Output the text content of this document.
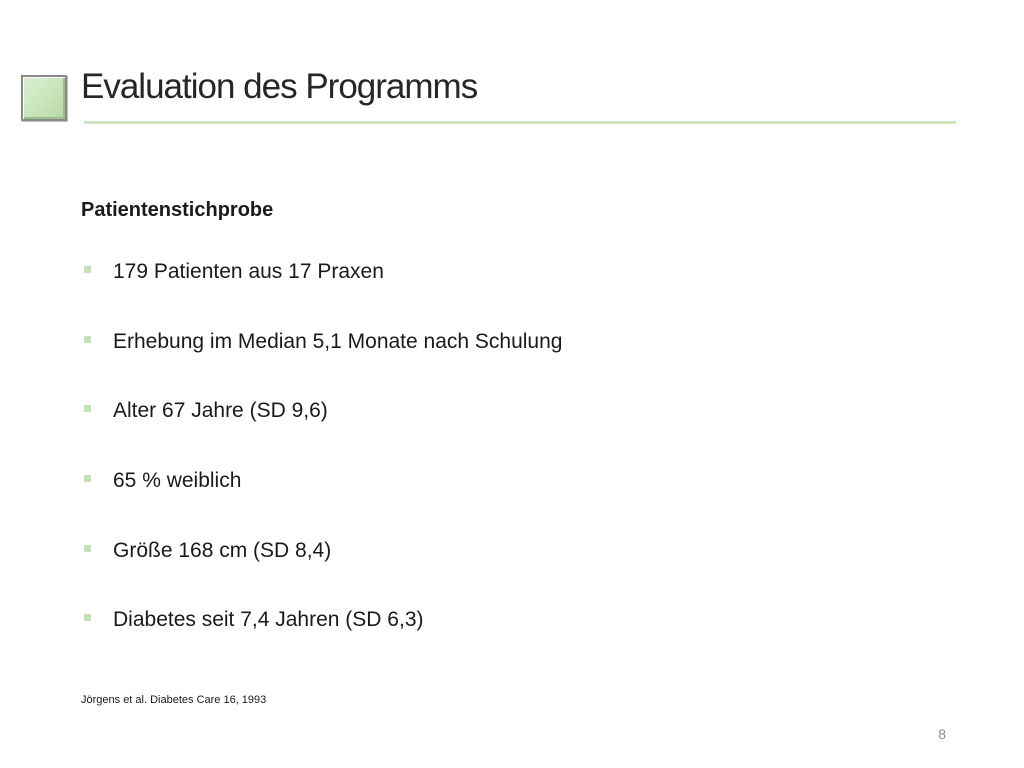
Evaluation des Programms
Patientenstichprobe
179 Patienten aus 17 Praxen
Erhebung im Median 5,1 Monate nach Schulung
Alter 67 Jahre (SD 9,6)
65 % weiblich
Größe 168 cm (SD 8,4)
Diabetes seit 7,4 Jahren (SD 6,3)
Jörgens et al. Diabetes Care 16, 1993
8
